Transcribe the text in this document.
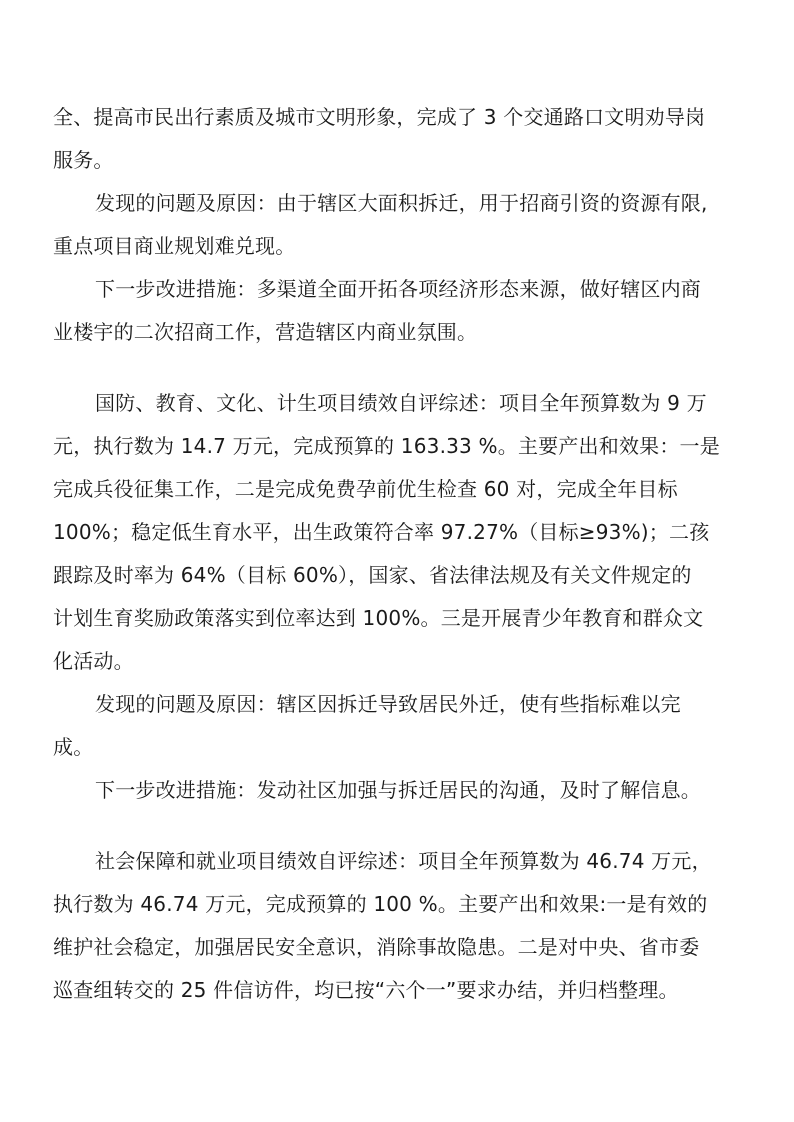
全、提高市民出行素质及城市文明形象，完成了 3 个交通路口文明劝导岗
服务。
发现的问题及原因：由于辖区大面积拆迁，用于招商引资的资源有限,
重点项目商业规划难兑现。
下一步改进措施：多渠道全面开拓各项经济形态来源，做好辖区内商
业楼宇的二次招商工作，营造辖区内商业氛围。
国防、教育、文化、计生项目绩效自评综述：项目全年预算数为 9 万
元，执行数为 14.7 万元，完成预算的 163.33 %。主要产出和效果：一是
完成兵役征集工作，二是完成免费孕前优生检查 60 对，完成全年目标
100%；稳定低生育水平，出生政策符合率 97.27%（目标≥93%)；二孩
跟踪及时率为 64%（目标 60%），国家、省法律法规及有关文件规定的
计划生育奖励政策落实到位率达到 100%。三是开展青少年教育和群众文
化活动。
发现的问题及原因：辖区因拆迁导致居民外迁，使有些指标难以完
成。
下一步改进措施：发动社区加强与拆迁居民的沟通，及时了解信息。
社会保障和就业项目绩效自评综述：项目全年预算数为 46.74 万元，
执行数为 46.74 万元，完成预算的 100 %。主要产出和效果:一是有效的
维护社会稳定，加强居民安全意识，消除事故隐患。二是对中央、省市委
巡查组转交的 25 件信访件，均已按“六个一”要求办结，并归档整理。
